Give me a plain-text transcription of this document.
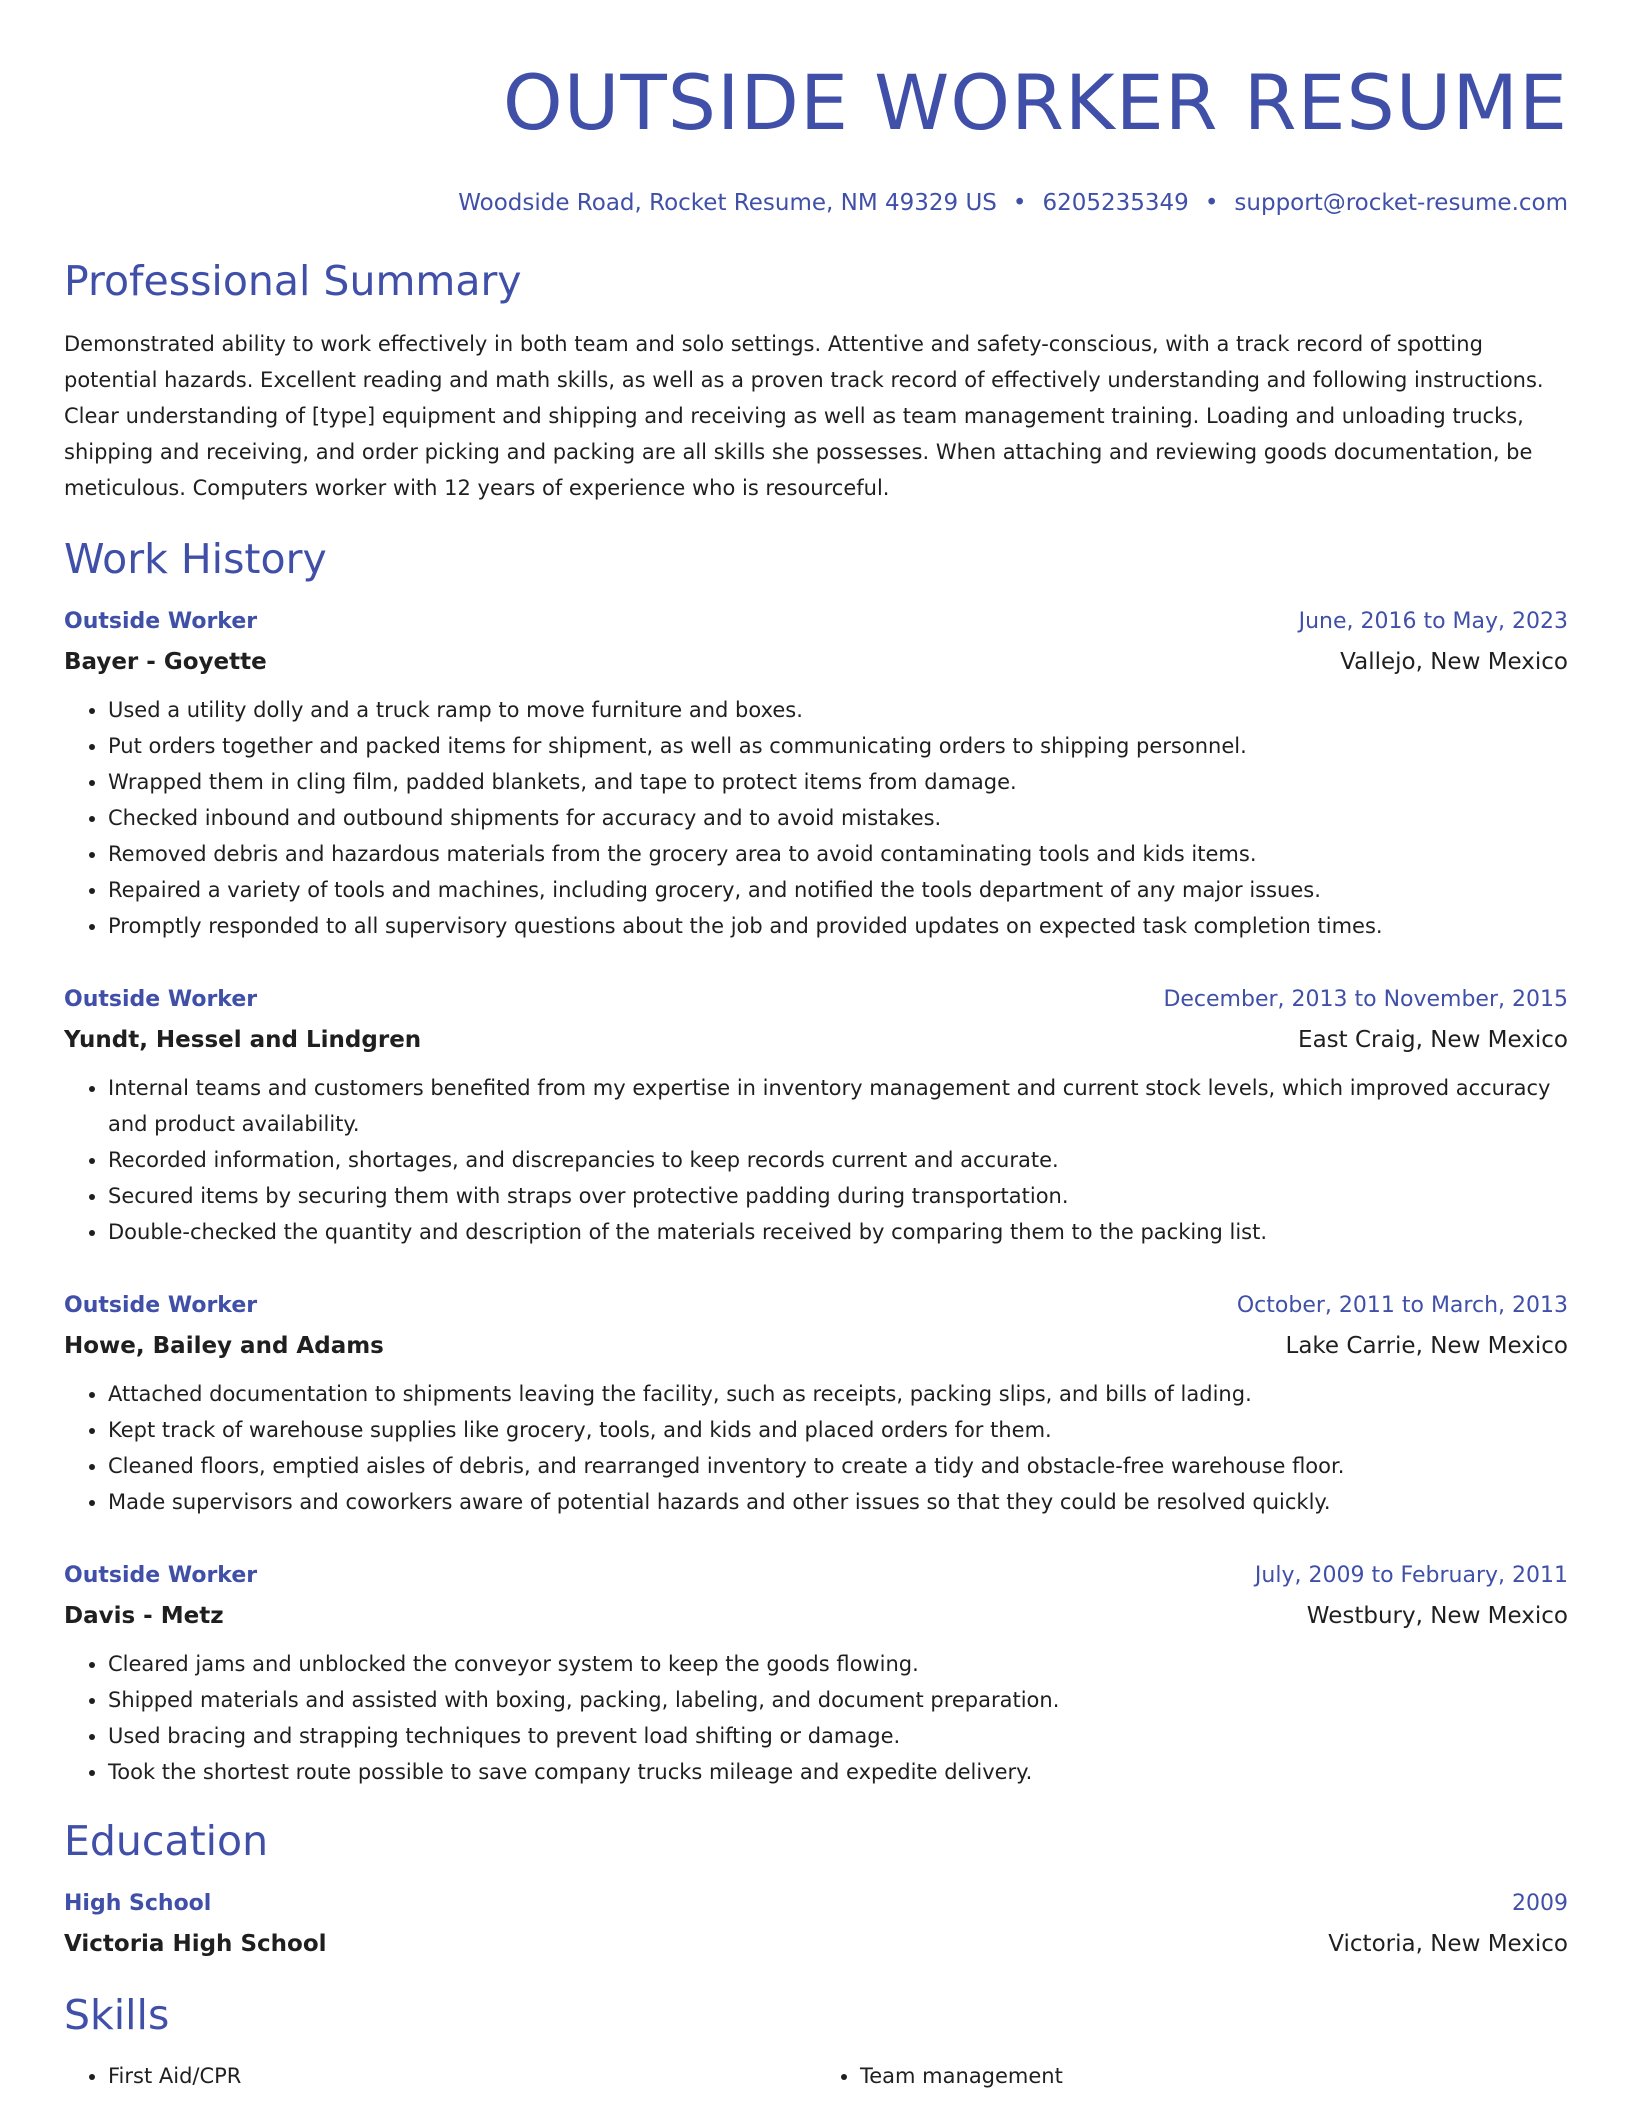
OUTSIDE WORKER RESUME
Woodside Road, Rocket Resume, NM 49329 US • 6205235349 • support@rocket-resume.com
Professional Summary
Demonstrated ability to work effectively in both team and solo settings. Attentive and safety-conscious, with a track record of spotting potential hazards. Excellent reading and math skills, as well as a proven track record of effectively understanding and following instructions. Clear understanding of [type] equipment and shipping and receiving as well as team management training. Loading and unloading trucks, shipping and receiving, and order picking and packing are all skills she possesses. When attaching and reviewing goods documentation, be meticulous. Computers worker with 12 years of experience who is resourceful.
Work History
Outside Worker	June, 2016 to May, 2023
Bayer - Goyette	Vallejo, New Mexico
• Used a utility dolly and a truck ramp to move furniture and boxes.
• Put orders together and packed items for shipment, as well as communicating orders to shipping personnel.
• Wrapped them in cling film, padded blankets, and tape to protect items from damage.
• Checked inbound and outbound shipments for accuracy and to avoid mistakes.
• Removed debris and hazardous materials from the grocery area to avoid contaminating tools and kids items.
• Repaired a variety of tools and machines, including grocery, and notified the tools department of any major issues.
• Promptly responded to all supervisory questions about the job and provided updates on expected task completion times.
Outside Worker	December, 2013 to November, 2015
Yundt, Hessel and Lindgren	East Craig, New Mexico
• Internal teams and customers benefited from my expertise in inventory management and current stock levels, which improved accuracy and product availability.
• Recorded information, shortages, and discrepancies to keep records current and accurate.
• Secured items by securing them with straps over protective padding during transportation.
• Double-checked the quantity and description of the materials received by comparing them to the packing list.
Outside Worker	October, 2011 to March, 2013
Howe, Bailey and Adams	Lake Carrie, New Mexico
• Attached documentation to shipments leaving the facility, such as receipts, packing slips, and bills of lading.
• Kept track of warehouse supplies like grocery, tools, and kids and placed orders for them.
• Cleaned floors, emptied aisles of debris, and rearranged inventory to create a tidy and obstacle-free warehouse floor.
• Made supervisors and coworkers aware of potential hazards and other issues so that they could be resolved quickly.
Outside Worker	July, 2009 to February, 2011
Davis - Metz	Westbury, New Mexico
• Cleared jams and unblocked the conveyor system to keep the goods flowing.
• Shipped materials and assisted with boxing, packing, labeling, and document preparation.
• Used bracing and strapping techniques to prevent load shifting or damage.
• Took the shortest route possible to save company trucks mileage and expedite delivery.
Education
High School	2009
Victoria High School	Victoria, New Mexico
Skills
• First Aid/CPR
•	Team management
